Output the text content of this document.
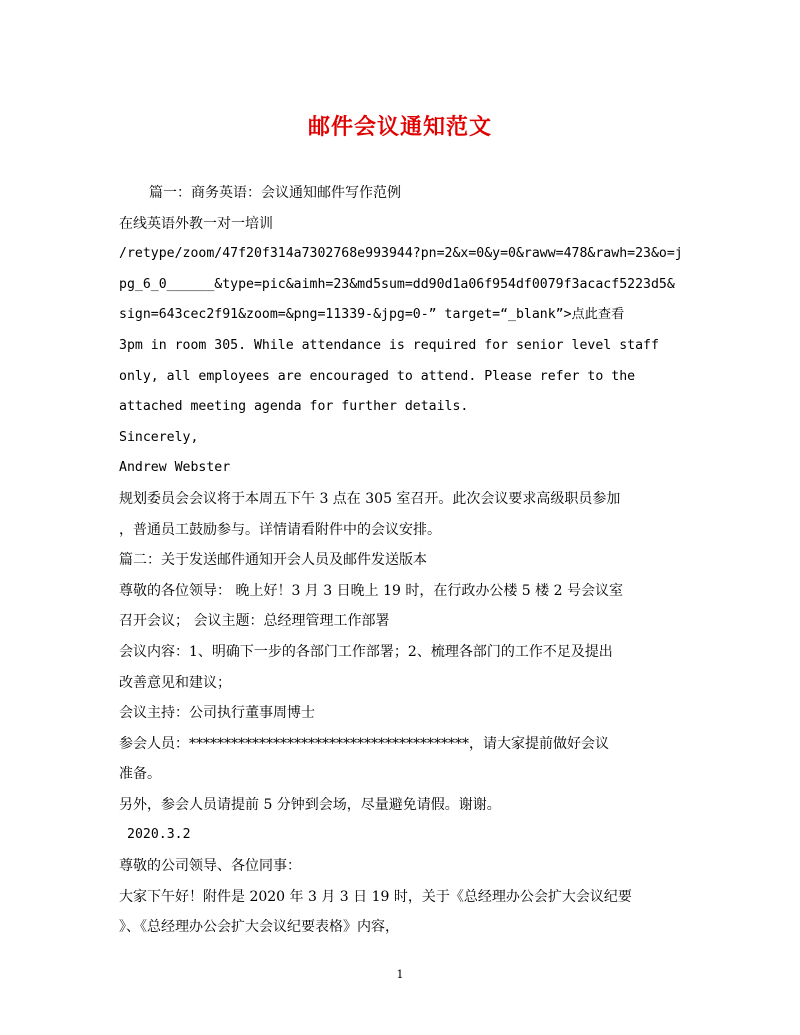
邮件会议通知范文
篇一：商务英语：会议通知邮件写作范例
在线英语外教一对一培训
/retype/zoom/47f20f314a7302768e993944?pn=2&x=0&y=0&raww=478&rawh=23&o=j
pg_6_0______&type=pic&aimh=23&md5sum=dd90d1a06f954df0079f3acacf5223d5&
sign=643cec2f91&zoom=&png=11339-&jpg=0-” target=“_blank”>点此查看
3pm in room 305. While attendance is required for senior level staff
only, all employees are encouraged to attend. Please refer to the
attached meeting agenda for further details.
Sincerely,
Andrew Webster
规划委员会会议将于本周五下午 3 点在 305 室召开。此次会议要求高级职员参加
，普通员工鼓励参与。详情请看附件中的会议安排。
篇二：关于发送邮件通知开会人员及邮件发送版本
尊敬的各位领导： 晚上好！3 月 3 日晚上 19 时，在行政办公楼 5 楼 2 号会议室
召开会议； 会议主题：总经理管理工作部署
会议内容：1、明确下一步的各部门工作部署；2、梳理各部门的工作不足及提出
改善意见和建议；
会议主持：公司执行董事周博士
参会人员：****************************************，请大家提前做好会议
准备。
另外，参会人员请提前 5 分钟到会场，尽量避免请假。谢谢。
2020.3.2
尊敬的公司领导、各位同事：
大家下午好！附件是 2020 年 3 月 3 日 19 时，关于《总经理办公会扩大会议纪要
》、《总经理办公会扩大会议纪要表格》内容，
1
